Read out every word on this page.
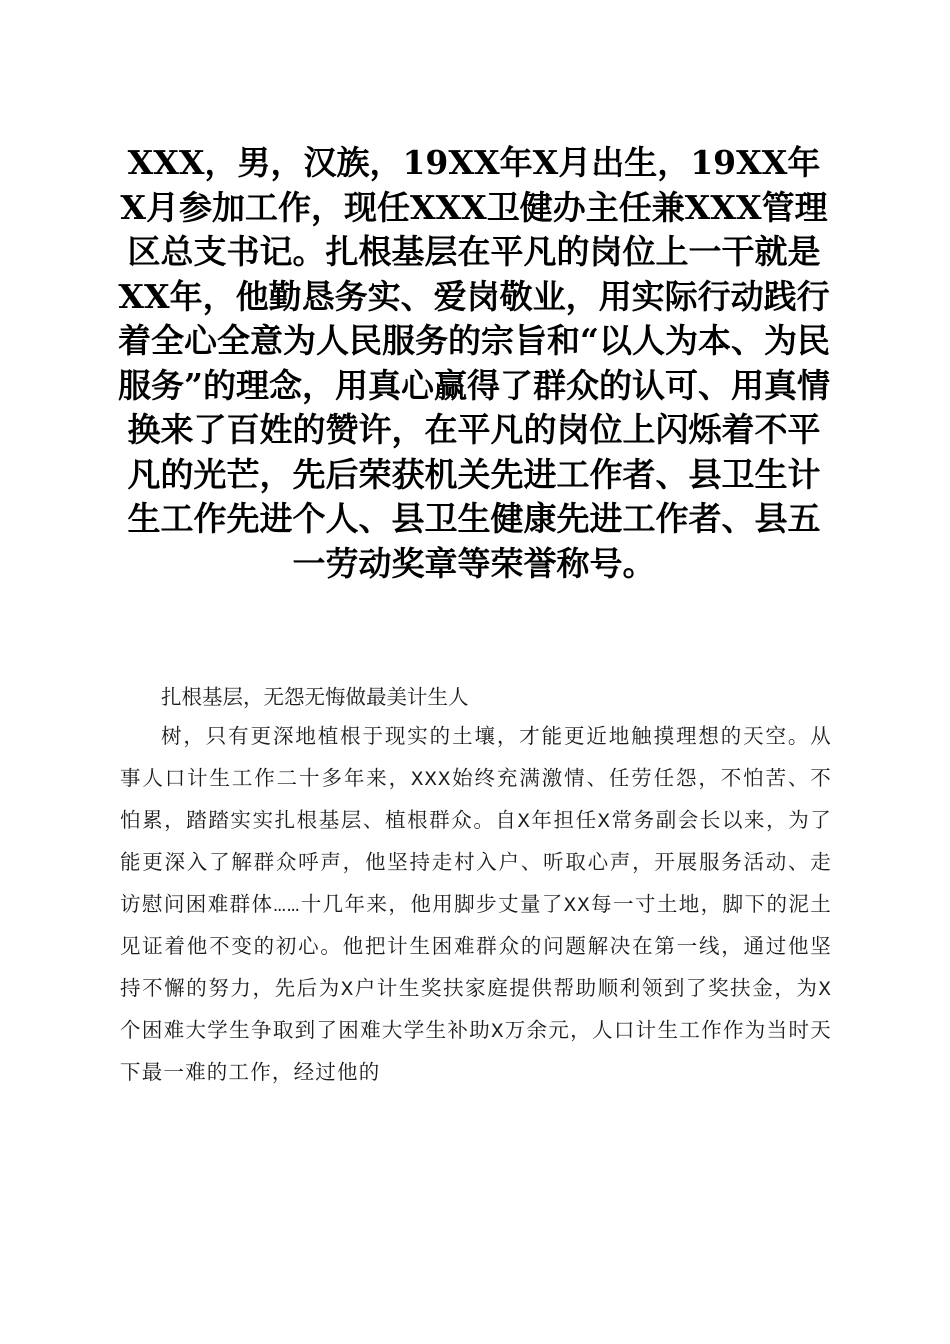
XXX，男，汉族，19XX年X月出生，19XX年X月参加工作，现任XXX卫健办主任兼XXX管理区总支书记。扎根基层在平凡的岗位上一干就是XX年，他勤恳务实、爱岗敬业，用实际行动践行着全心全意为人民服务的宗旨和“以人为本、为民服务”的理念，用真心赢得了群众的认可、用真情换来了百姓的赞许，在平凡的岗位上闪烁着不平凡的光芒，先后荣获机关先进工作者、县卫生计生工作先进个人、县卫生健康先进工作者、县五一劳动奖章等荣誉称号。

扎根基层，无怨无悔做最美计生人

树，只有更深地植根于现实的土壤，才能更近地触摸理想的天空。从事人口计生工作二十多年来，XXX始终充满激情、任劳任怨，不怕苦、不怕累，踏踏实实扎根基层、植根群众。自X年担任X常务副会长以来，为了能更深入了解群众呼声，他坚持走村入户、听取心声，开展服务活动、走访慰问困难群体……十几年来，他用脚步丈量了XX每一寸土地，脚下的泥土见证着他不变的初心。他把计生困难群众的问题解决在第一线，通过他坚持不懈的努力，先后为X户计生奖扶家庭提供帮助顺利领到了奖扶金，为X个困难大学生争取到了困难大学生补助X万余元，人口计生工作作为当时天下最一难的工作，经过他的
